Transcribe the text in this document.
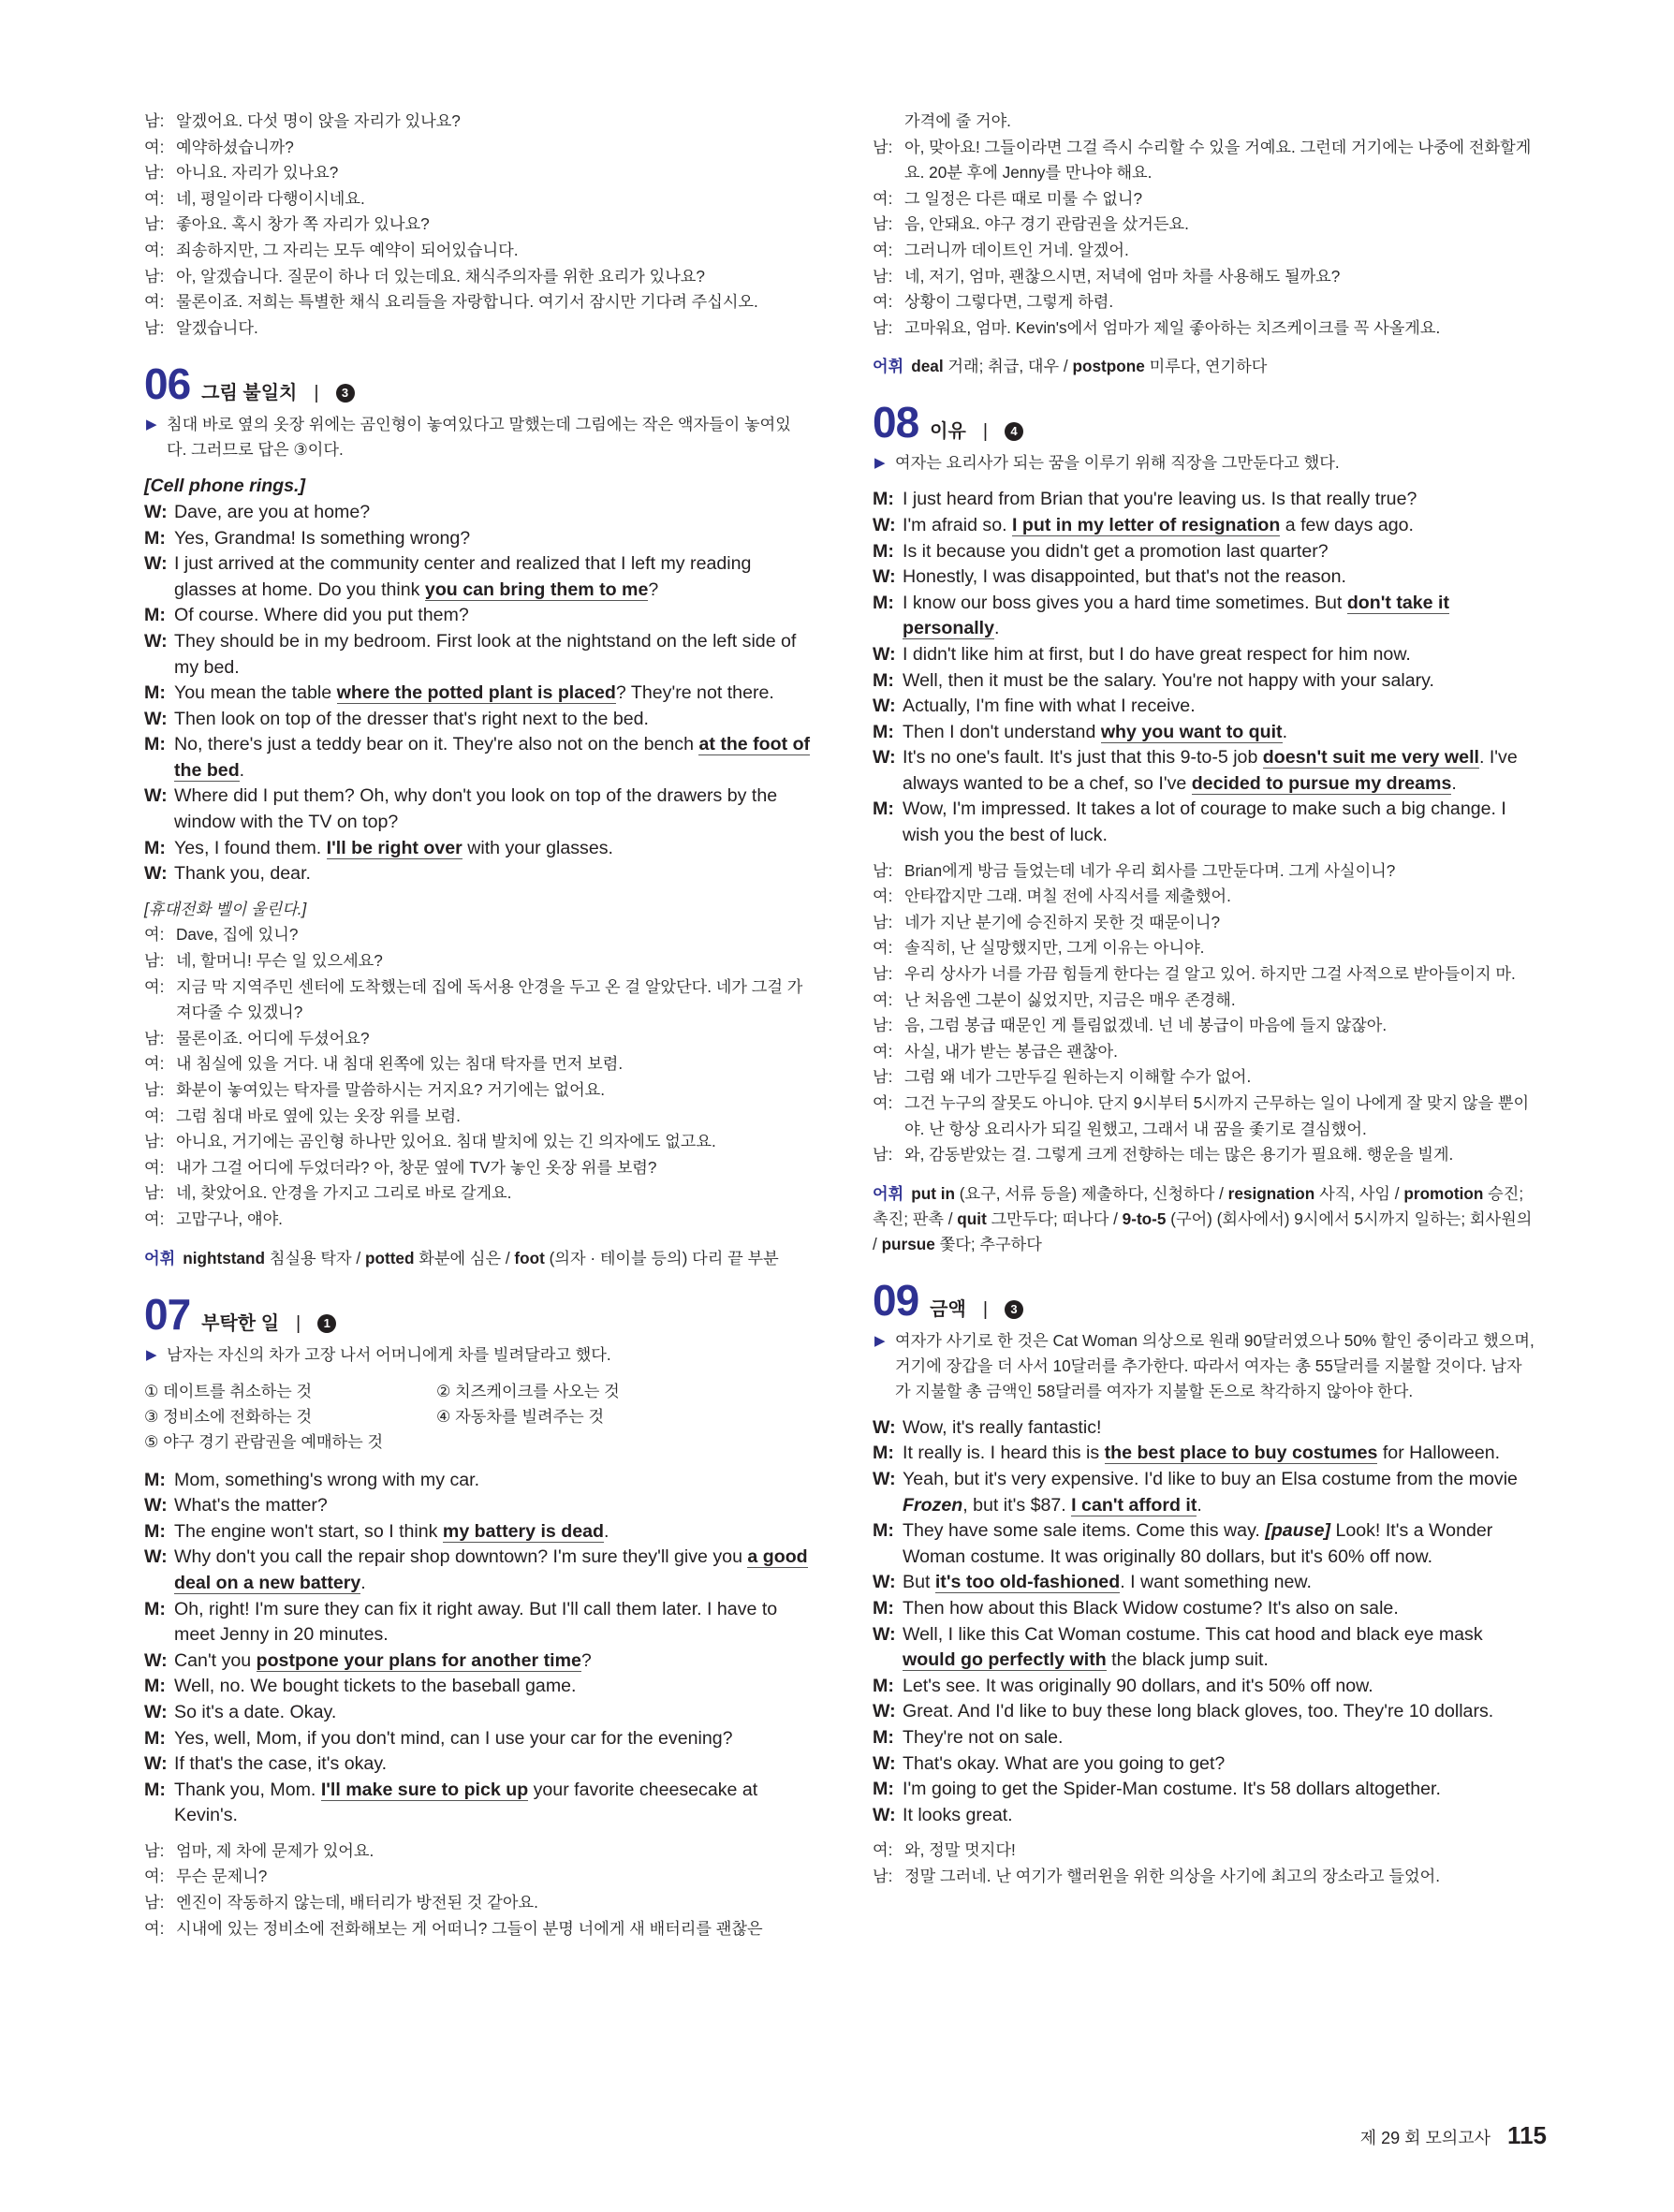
남: 알겠어요. 다섯 명이 앉을 자리가 있나요?
여: 예약하셨습니까?
남: 아니요. 자리가 있나요?
여: 네, 평일이라 다행이시네요.
남: 좋아요. 혹시 창가 쪽 자리가 있나요?
여: 죄송하지만, 그 자리는 모두 예약이 되어있습니다.
남: 아, 알겠습니다. 질문이 하나 더 있는데요. 채식주의자를 위한 요리가 있나요?
여: 물론이죠. 저희는 특별한 채식 요리들을 자랑합니다. 여기서 잠시만 기다려 주십시오.
남: 알겠습니다.
06 그림 불일치 |	3
▶ 침대 바로 옆의 옷장 위에는 곰인형이 놓여있다고 말했는데 그림에는 작은 액자들이 놓여있다. 그러므로 답은 ③이다.
[Cell phone rings.]
W: Dave, are you at home?
M: Yes, Grandma! Is something wrong?
W: I just arrived at the community center and realized that I left my reading glasses at home. Do you think you can bring them to me?
M: Of course. Where did you put them?
W: They should be in my bedroom. First look at the nightstand on the left side of my bed.
M: You mean the table where the potted plant is placed? They're not there.
W: Then look on top of the dresser that's right next to the bed.
M: No, there's just a teddy bear on it. They're also not on the bench at the foot of the bed.
W: Where did I put them? Oh, why don't you look on top of the drawers by the window with the TV on top?
M: Yes, I found them. I'll be right over with your glasses.
W: Thank you, dear.
[휴대전화 벨이 울린다.]
여: Dave, 집에 있니?
남: 네, 할머니! 무슨 일 있으세요?
여: 지금 막 지역주민 센터에 도착했는데 집에 독서용 안경을 두고 온 걸 알았단다. 네가 그걸 가져다줄 수 있겠니?
남: 물론이죠. 어디에 두셨어요?
여: 내 침실에 있을 거다. 내 침대 왼쪽에 있는 침대 탁자를 먼저 보렴.
남: 화분이 놓여있는 탁자를 말씀하시는 거지요? 거기에는 없어요.
여: 그럼 침대 바로 옆에 있는 옷장 위를 보렴.
남: 아니요, 거기에는 곰인형 하나만 있어요. 침대 발치에 있는 긴 의자에도 없고요.
여: 내가 그걸 어디에 두었더라? 아, 창문 옆에 TV가 놓인 옷장 위를 보렴?
남: 네, 찾았어요. 안경을 가지고 그리로 바로 갈게요.
여: 고맙구나, 얘야.
어휘 nightstand 침실용 탁자 / potted 화분에 심은 / foot (의자 · 테이블 등의) 다리 끝 부분
07 부탁한 일 |	1
▶ 남자는 자신의 차가 고장 나서 어머니에게 차를 빌려달라고 했다.
① 데이트를 취소하는 것	② 치즈케이크를 사오는 것
③ 정비소에 전화하는 것	④ 자동차를 빌려주는 것
⑤ 야구 경기 관람권을 예매하는 것
M: Mom, something's wrong with my car.
W: What's the matter?
M: The engine won't start, so I think my battery is dead.
W: Why don't you call the repair shop downtown? I'm sure they'll give you a good deal on a new battery.
M: Oh, right! I'm sure they can fix it right away. But I'll call them later. I have to meet Jenny in 20 minutes.
W: Can't you postpone your plans for another time?
M: Well, no. We bought tickets to the baseball game.
W: So it's a date. Okay.
M: Yes, well, Mom, if you don't mind, can I use your car for the evening?
W: If that's the case, it's okay.
M: Thank you, Mom. I'll make sure to pick up your favorite cheesecake at Kevin's.
남: 엄마, 제 차에 문제가 있어요.
여: 무슨 문제니?
남: 엔진이 작동하지 않는데, 배터리가 방전된 것 같아요.
여: 시내에 있는 정비소에 전화해보는 게 어떠니? 그들이 분명 너에게 새 배터리를 괜찮은
가격에 줄 거야.
남: 아, 맞아요! 그들이라면 그걸 즉시 수리할 수 있을 거예요. 그런데 거기에는 나중에 전화할게요. 20분 후에 Jenny를 만나야 해요.
여: 그 일정은 다른 때로 미룰 수 없니?
남: 음, 안돼요. 야구 경기 관람권을 샀거든요.
여: 그러니까 데이트인 거네. 알겠어.
남: 네, 저기, 엄마, 괜찮으시면, 저녁에 엄마 차를 사용해도 될까요?
여: 상황이 그렇다면, 그렇게 하렴.
남: 고마워요, 엄마. Kevin's에서 엄마가 제일 좋아하는 치즈케이크를 꼭 사올게요.
어휘 deal 거래; 취급, 대우 / postpone 미루다, 연기하다
08 이유 |	4
▶ 여자는 요리사가 되는 꿈을 이루기 위해 직장을 그만둔다고 했다.
M: I just heard from Brian that you're leaving us. Is that really true?
W: I'm afraid so. I put in my letter of resignation a few days ago.
M: Is it because you didn't get a promotion last quarter?
W: Honestly, I was disappointed, but that's not the reason.
M: I know our boss gives you a hard time sometimes. But don't take it personally.
W: I didn't like him at first, but I do have great respect for him now.
M: Well, then it must be the salary. You're not happy with your salary.
W: Actually, I'm fine with what I receive.
M: Then I don't understand why you want to quit.
W: It's no one's fault. It's just that this 9-to-5 job doesn't suit me very well. I've always wanted to be a chef, so I've decided to pursue my dreams.
M: Wow, I'm impressed. It takes a lot of courage to make such a big change. I wish you the best of luck.
남: Brian에게 방금 들었는데 네가 우리 회사를 그만둔다며. 그게 사실이니?
여: 안타깝지만 그래. 며칠 전에 사직서를 제출했어.
남: 네가 지난 분기에 승진하지 못한 것 때문이니?
여: 솔직히, 난 실망했지만, 그게 이유는 아니야.
남: 우리 상사가 너를 가끔 힘들게 한다는 걸 알고 있어. 하지만 그걸 사적으로 받아들이지 마.
여: 난 처음엔 그분이 싫었지만, 지금은 매우 존경해.
남: 음, 그럼 봉급 때문인 게 틀림없겠네. 넌 네 봉급이 마음에 들지 않잖아.
여: 사실, 내가 받는 봉급은 괜찮아.
남: 그럼 왜 네가 그만두길 원하는지 이해할 수가 없어.
여: 그건 누구의 잘못도 아니야. 단지 9시부터 5시까지 근무하는 일이 나에게 잘 맞지 않을 뿐이야. 난 항상 요리사가 되길 원했고, 그래서 내 꿈을 좇기로 결심했어.
남: 와, 감동받았는 걸. 그렇게 크게 전향하는 데는 많은 용기가 필요해. 행운을 빌게.
어휘 put in (요구, 서류 등을) 제출하다, 신청하다 / resignation 사직, 사임 / promotion 승진; 촉진; 판촉 / quit 그만두다; 떠나다 / 9-to-5 (구어) (회사에서) 9시에서 5시까지 일하는; 회사원의 / pursue 쫓다; 추구하다
09 금액 |	3
▶ 여자가 사기로 한 것은 Cat Woman 의상으로 원래 90달러였으나 50% 할인 중이라고 했으며, 거기에 장갑을 더 사서 10달러를 추가한다. 따라서 여자는 총 55달러를 지불할 것이다. 남자가 지불할 총 금액인 58달러를 여자가 지불할 돈으로 착각하지 않아야 한다.
W: Wow, it's really fantastic!
M: It really is. I heard this is the best place to buy costumes for Halloween.
W: Yeah, but it's very expensive. I'd like to buy an Elsa costume from the movie Frozen, but it's $87. I can't afford it.
M: They have some sale items. Come this way. [pause] Look! It's a Wonder Woman costume. It was originally 80 dollars, but it's 60% off now.
W: But it's too old-fashioned. I want something new.
M: Then how about this Black Widow costume? It's also on sale.
W: Well, I like this Cat Woman costume. This cat hood and black eye mask would go perfectly with the black jump suit.
M: Let's see. It was originally 90 dollars, and it's 50% off now.
W: Great. And I'd like to buy these long black gloves, too. They're 10 dollars.
M: They're not on sale.
W: That's okay. What are you going to get?
M: I'm going to get the Spider-Man costume. It's 58 dollars altogether.
W: It looks great.
여: 와, 정말 멋지다!
남: 정말 그러네. 난 여기가 핼러윈을 위한 의상을 사기에 최고의 장소라고 들었어.
제 29 회 모의고사 115
